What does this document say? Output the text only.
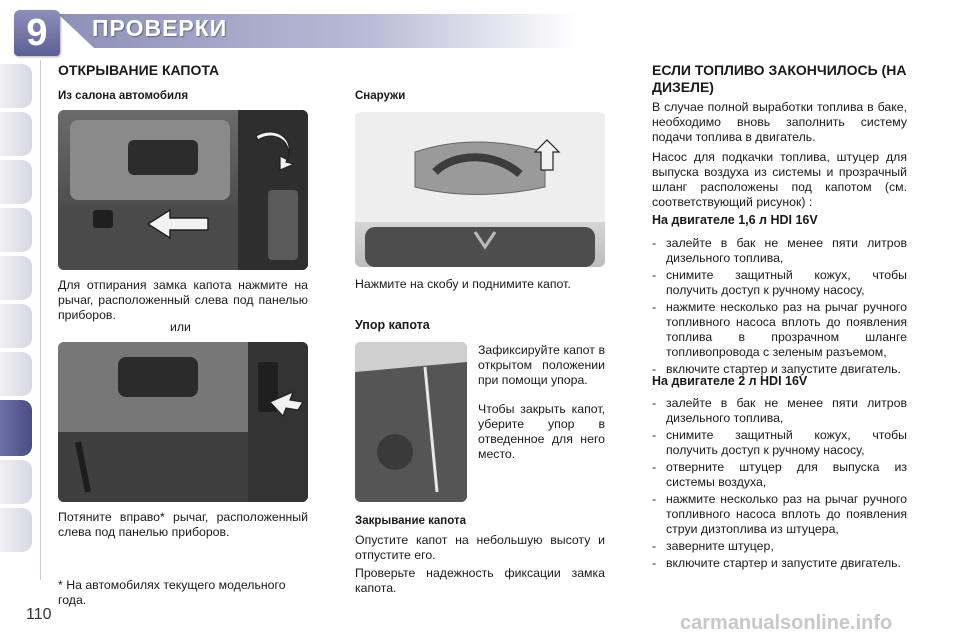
9	ПРОВЕРКИ
ОТКРЫВАНИЕ КАПОТА
Из салона автомобиля
Для отпирания замка капота нажмите на рычаг, расположенный слева под панелью приборов.
или
Потяните вправо* рычаг, расположенный слева под панелью приборов.
* На автомобилях текущего модельного года.
Снаружи
Нажмите на скобу и поднимите капот.
Упор капота
Зафиксируйте капот в открытом положении при помощи упора.
Чтобы закрыть капот, уберите упор в отведенное для него место.
Закрывание капота
Опустите капот на небольшую высоту и отпустите его.
Проверьте надежность фиксации замка капота.
ЕСЛИ ТОПЛИВО ЗАКОНЧИЛОСЬ (НА ДИЗЕЛЕ)
В случае полной выработки топлива в баке, необходимо вновь заполнить систему подачи топлива в двигатель.
Насос для подкачки топлива, штуцер для выпуска воздуха из системы и прозрачный шланг расположены под капотом (см. соответствующий рисунок) :
На двигателе 1,6 л HDI 16V
- залейте в бак не менее пяти литров дизельного топлива,
- снимите защитный кожух, чтобы получить доступ к ручному насосу,
- нажмите несколько раз на рычаг ручного топливного насоса вплоть до появления топлива в прозрачном шланге топливопровода с зеленым разъемом,
- включите стартер и запустите двигатель.
На двигателе 2 л HDI 16V
- залейте в бак не менее пяти литров дизельного топлива,
- снимите защитный кожух, чтобы получить доступ к ручному насосу,
- отверните штуцер для выпуска из системы воздуха,
- нажмите несколько раз на рычаг ручного топливного насоса вплоть до появления струи дизтоплива из штуцера,
- заверните штуцер,
- включите стартер и запустите двигатель.
110	carmanualsonline.info
